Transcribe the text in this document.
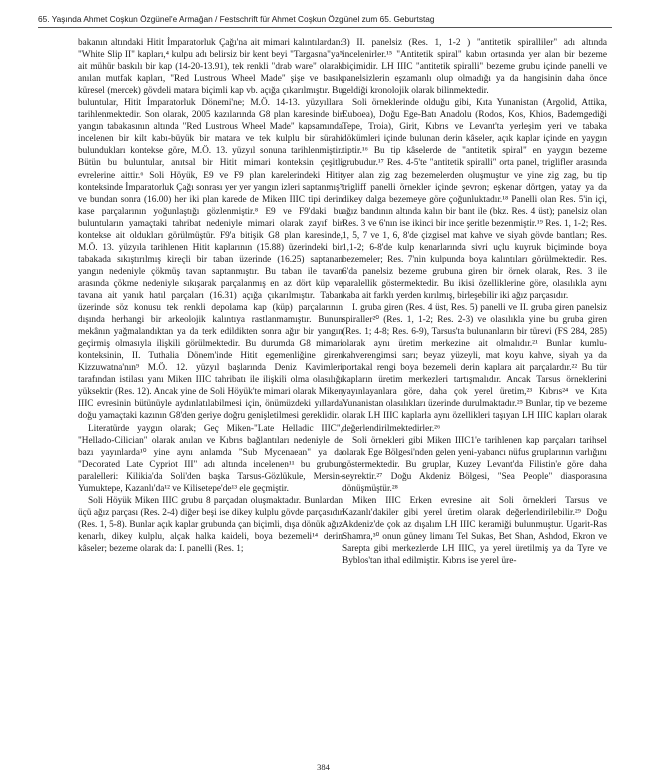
65. Yaşında Ahmet Coşkun Özgünel'e Armağan / Festschrift für Ahmet Coşkun Özgünel zum 65. Geburtstag

bakanın altındaki Hitit İmparatorluk Çağı'na ait mimari kalıntılardan: "White Slip II" kapları,⁴ kulpu adı belirsiz bir kent beyi "Targasna"ya⁵ ait mühür baskılı bir kap (14-20-13.91), tek renkli "drab ware" olarak anılan mutfak kapları, "Red Lustrous Wheel Made" şişe ve basık küresel (mercek) gövdeli matara biçimli kap vb. açığa çıkarılmıştır. Bu buluntular, Hitit İmparatorluk Dönemi'ne; M.Ö. 14-13. yüzyıllara tarihlenmektedir. Son olarak, 2005 kazılarında G8 plan karesinde bir yangın tabakasının altında "Red Lustrous Wheel Made" kapsamında incelenen bir kilt kabı-büyük bir matara ve tek kulplu bir sürahi bulundukları kontekse göre, M.Ö. 13. yüzyıl sonuna tarihlenmiştir. Bütün bu buluntular, anıtsal bir Hitit mimari konteksin çeşitli evrelerine aittir.⁶ Soli Höyük, E9 ve F9 plan karelerindeki Hitit konteksinde İmparatorluk Çağı sonrası yer yer yangın izleri saptanmış⁷ ve bundan sonra (16.00) her iki plan karede de Miken IIIC tipi derin kase parçalarının yoğunlaştığı gözlenmiştir.⁸ E9 ve F9'daki bu buluntuların yamaçtaki tahribat nedeniyle mimari olarak zayıf bir kontekse ait oldukları görülmüştür. F9'a bitişik G8 plan karesinde, M.Ö. 13. yüzyıla tarihlenen Hitit kaplarının (15.88) üzerindeki bir tabakada sıkıştırılmış kireçli bir taban üzerinde (16.25) saptanan yangın nedeniyle çökmüş tavan saptanmıştır. Bu taban ile tavan arasında çökme nedeniyle sıkışarak parçalanmış en az dört küp ve tavana ait yanık hatıl parçaları (16.31) açığa çıkarılmıştır. Taban üzerinde söz konusu tek renkli depolama kap (küp) parçalarının dışında herhangi bir arkeolojik kalıntıya rastlanmamıştır. Bunun mekânın yağmalandıktan ya da terk edildikten sonra ağır bir yangın geçirmiş olmasıyla ilişkili görülmektedir. Bu durumda G8 mimari konteksinin, II. Tuthalia Dönem'inde Hitit egemenliğine giren Kizzuwatna'nın⁹ M.Ö. 12. yüzyıl başlarında Deniz Kavimleri tarafından istilası yanı Miken IIIC tahribatı ile ilişkili olma olasılığı yüksektir (Res. 12). Ancak yine de Soli Höyük'te mimari olarak Miken IIIC evresinin bütünüyle aydınlatılabilmesi için, önümüzdeki yıllarda doğu yamaçtaki kazının G8'den geriye doğru genişletilmesi gereklidir.

Literatürde yaygın olarak; Geç Miken-"Late Helladic IIIC", "Hellado-Cilician" olarak anılan ve Kıbrıs bağlantıları nedeniyle de bazı yayınlarda¹⁰ yine aynı anlamda "Sub Mycenaean" ya da "Decorated Late Cypriot III" adı altında incelenen¹¹ bu grubun paralelleri: Kilikia'da Soli'den başka Tarsus-Gözlükule, Mersin-Yumuktepe, Kazanlı'da¹² ve Kilisetepe'de¹³ ele geçmiştir.

Soli Höyük Miken IIIC grubu 8 parçadan oluşmaktadır. Bunlardan üçü ağız parçası (Res. 2-4) diğer beşi ise dikey kulplu gövde parçasıdır (Res. 1, 5-8). Bunlar açık kaplar grubunda çan biçimli, dışa dönük ağız kenarlı, dikey kulplu, alçak halka kaideli, boya bezemeli¹⁴ derin kâseler; bezeme olarak da: I. panelli (Res. 1;

3) II. panelsiz (Res. 1, 1-2 ) "antitetik spiralliler" adı altında incelenirler.¹⁵ "Antitetik spiral" kabın ortasında yer alan bir bezeme biçimidir. LH IIIC "antitetik spiralli" bezeme grubu içinde panelli ve panelsizlerin eşzamanlı olup olmadığı ya da hangisinin daha önce geldiği kronolojik olarak bilinmektedir.

Soli örneklerinde olduğu gibi, Kıta Yunanistan (Argolid, Attika, Euboea), Doğu Ege-Batı Anadolu (Rodos, Kos, Khios, Bademgediği Tepe, Troia), Girit, Kıbrıs ve Levant'ta yerleşim yeri ve tabaka dökümleri içinde bulunan derin kâseler, açık kaplar içinde en yaygın tiptir.¹⁶ Bu tip kâselerde de "antitetik spiral" en yaygın bezeme grubudur.¹⁷ Res. 4-5'te "antitetik spiralli" orta panel, triglifler arasında yer alan zig zag bezemelerden oluşmuştur ve yine zig zag, bu tip trigliff panelli örnekler içinde şevron; eşkenar dörtgen, yatay ya da dikey dalga bezemeye göre çoğunluktadır.¹⁸ Panelli olan Res. 5'in içi, ağız bandının altında kalın bir bant ile (bkz. Res. 4 üst); panelsiz olan Res. 3 ve 6'nın ise ikinci bir ince şeritle bezenmiştir.¹⁹ Res. 1, 1-2; Res. 1, 5, 7 ve 1, 6, 8'de çizgisel mat kahve ve siyah gövde bantları; Res. 1,1-2; 6-8'de kulp kenarlarında sivri uçlu kuyruk biçiminde boya bezemeler; Res. 7'nin kulpunda boya kalıntıları görülmektedir. Res. 6'da panelsiz bezeme grubuna giren bir örnek olarak, Res. 3 ile paralellik göstermektedir. Bu ikisi özelliklerine göre, olasılıkla aynı kaba ait farklı yerden kırılmış, birleşebilir iki ağız parçasıdır.

I. gruba giren (Res. 4 üst, Res. 5) panelli ve II. gruba giren panelsiz spiraller²⁰ (Res. 1, 1-2; Res. 2-3) ve olasılıkla yine bu gruba giren (Res. 1; 4-8; Res. 6-9), Tarsus'ta bulunanların bir türevi (FS 284, 285) olarak aynı üretim merkezine ait olmalıdır.²¹ Bunlar kumlu-kahverengimsi sarı; beyaz yüzeyli, mat koyu kahve, siyah ya da portakal rengi boya bezemeli derin kaplara ait parçalardır.²² Bu tür kapların üretim merkezleri tartışmalıdır. Ancak Tarsus örneklerini yayınlayanlara göre, daha çok yerel üretim,²³ Kıbrıs²⁴ ve Kıta Yunanistan olasılıkları üzerinde durulmaktadır.²⁵ Bunlar, tip ve bezeme olarak LH IIIC kaplarla aynı özellikleri taşıyan LH IIIC kapları olarak değerlendirilmektedirler.²⁶

Soli örnekleri gibi Miken IIIC1'e tarihlenen kap parçaları tarihsel olarak Ege Bölgesi'nden gelen yeni-yabancı nüfus gruplarının varlığını göstermektedir. Bu gruplar, Kuzey Levant'da Filistin'e göre daha seyrektir.²⁷ Doğu Akdeniz Bölgesi, "Sea People" diasporasına dönüşmüştür.²⁸

Miken IIIC Erken evresine ait Soli örnekleri Tarsus ve Kazanlı'dakiler gibi yerel üretim olarak değerlendirilebilir.²⁹ Doğu Akdeniz'de çok az dışalım LH IIIC keramiği bulunmuştur. Ugarit-Ras Shamra,³⁰ onun güney limanı Tel Sukas, Bet Shan, Ashdod, Ekron ve Sarepta gibi merkezlerde LH IIIC, ya yerel üretilmiş ya da Tyre ve Byblos'tan ithal edilmiştir. Kıbrıs ise yerel üre-

384
